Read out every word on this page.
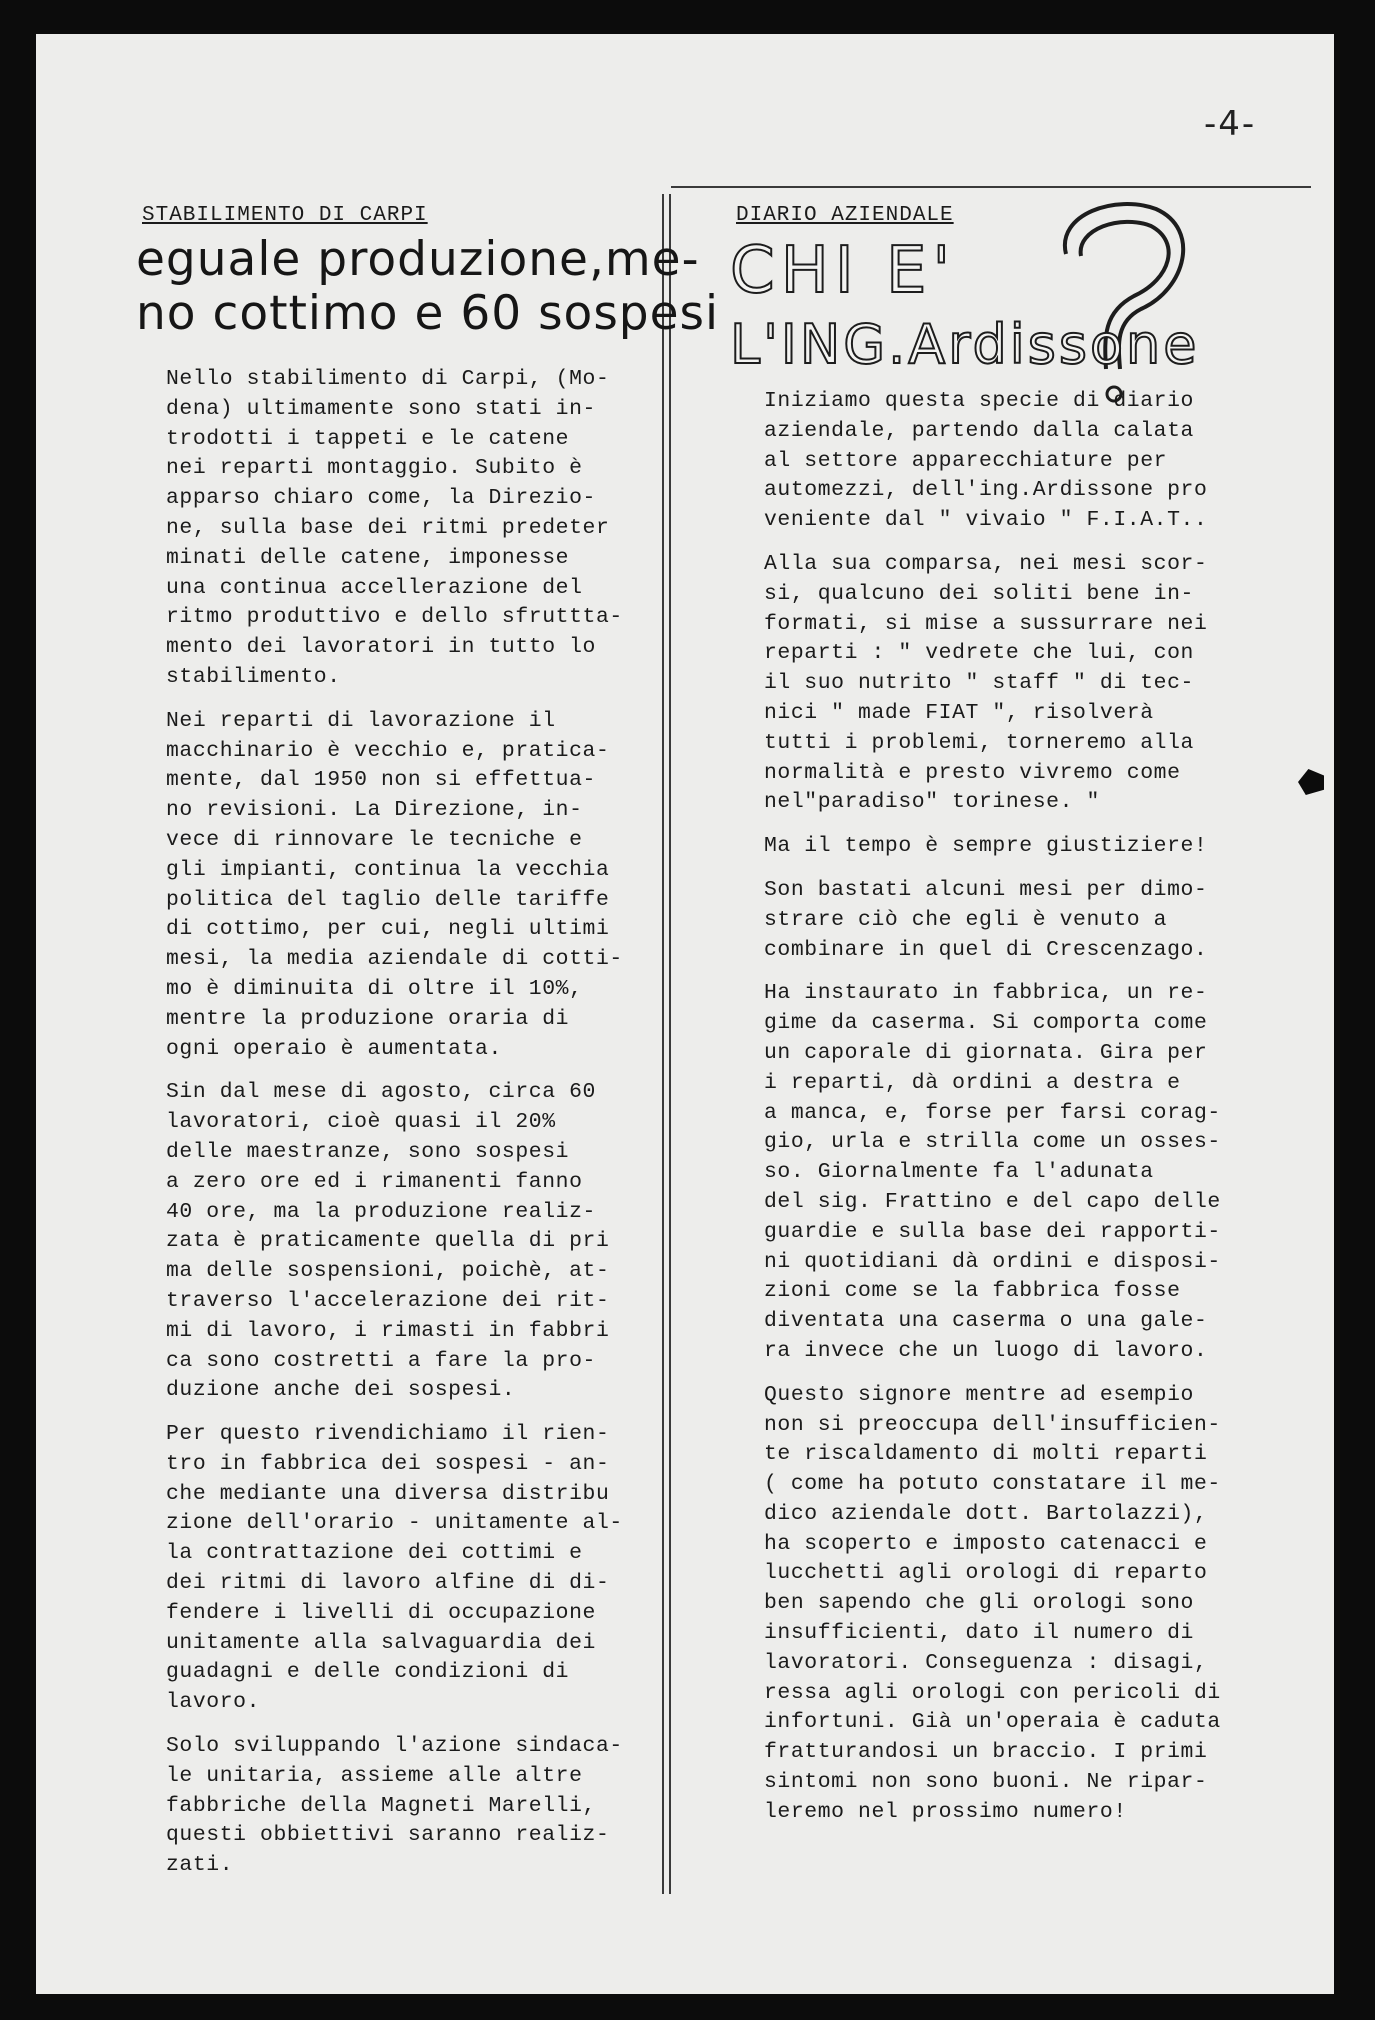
-4-
STABILIMENTO DI CARPI
eguale produzione,me-
no cottimo e 60 sospesi

Nello stabilimento di Carpi, (Mo-
dena) ultimamente sono stati in-
trodotti i tappeti e le catene
nei reparti montaggio. Subito è
apparso chiaro come, la Direzio-
ne, sulla base dei ritmi predeter
minati delle catene, imponesse
una continua accellerazione del
ritmo produttivo e dello sfruttta-
mento dei lavoratori in tutto lo
stabilimento.

Nei reparti di lavorazione il
macchinario è vecchio e, pratica-
mente, dal 1950 non si effettua-
no revisioni. La Direzione, in-
vece di rinnovare le tecniche e
gli impianti, continua la vecchia
politica del taglio delle tariffe
di cottimo, per cui, negli ultimi
mesi, la media aziendale di cotti-
mo è diminuita di oltre il 10%,
mentre la produzione oraria di
ogni operaio è aumentata.

Sin dal mese di agosto, circa 60
lavoratori, cioè quasi il 20%
delle maestranze, sono sospesi
a zero ore ed i rimanenti fanno
40 ore, ma la produzione realiz-
zata è praticamente quella di pri
ma delle sospensioni, poichè, at-
traverso l'accelerazione dei rit-
mi di lavoro, i rimasti in fabbri
ca sono costretti a fare la pro-
duzione anche dei sospesi.

Per questo rivendichiamo il rien-
tro in fabbrica dei sospesi - an-
che mediante una diversa distribu
zione dell'orario - unitamente al-
la contrattazione dei cottimi e
dei ritmi di lavoro alfine di di-
fendere i livelli di occupazione
unitamente alla salvaguardia dei
guadagni e delle condizioni di
lavoro.

Solo sviluppando l'azione sindaca-
le unitaria, assieme alle altre
fabbriche della Magneti Marelli,
questi obbiettivi saranno realiz-
zati.

DIARIO AZIENDALE
CHI E'
L'ING.Ardissone

Iniziamo questa specie di diario
aziendale, partendo dalla calata
al settore apparecchiature per
automezzi, dell'ing.Ardissone pro
veniente dal " vivaio " F.I.A.T..

Alla sua comparsa, nei mesi scor-
si, qualcuno dei soliti bene in-
formati, si mise a sussurrare nei
reparti : " vedrete che lui, con
il suo nutrito " staff " di tec-
nici " made FIAT ", risolverà
tutti i problemi, torneremo alla
normalità e presto vivremo come
nel"paradiso" torinese. "

Ma il tempo è sempre giustiziere!

Son bastati alcuni mesi per dimo-
strare ciò che egli è venuto a
combinare in quel di Crescenzago.

Ha instaurato in fabbrica, un re-
gime da caserma. Si comporta come
un caporale di giornata. Gira per
i reparti, dà ordini a destra e
a manca, e, forse per farsi corag-
gio, urla e strilla come un osses-
so. Giornalmente fa l'adunata
del sig. Frattino e del capo delle
guardie e sulla base dei rapporti-
ni quotidiani dà ordini e disposi-
zioni come se la fabbrica fosse
diventata una caserma o una gale-
ra invece che un luogo di lavoro.

Questo signore mentre ad esempio
non si preoccupa dell'insufficien-
te riscaldamento di molti reparti
( come ha potuto constatare il me-
dico aziendale dott. Bartolazzi),
ha scoperto e imposto catenacci e
lucchetti agli orologi di reparto
ben sapendo che gli orologi sono
insufficienti, dato il numero di
lavoratori. Conseguenza : disagi,
ressa agli orologi con pericoli di
infortuni. Già un'operaia è caduta
fratturandosi un braccio. I primi
sintomi non sono buoni. Ne ripar-
leremo nel prossimo numero!
